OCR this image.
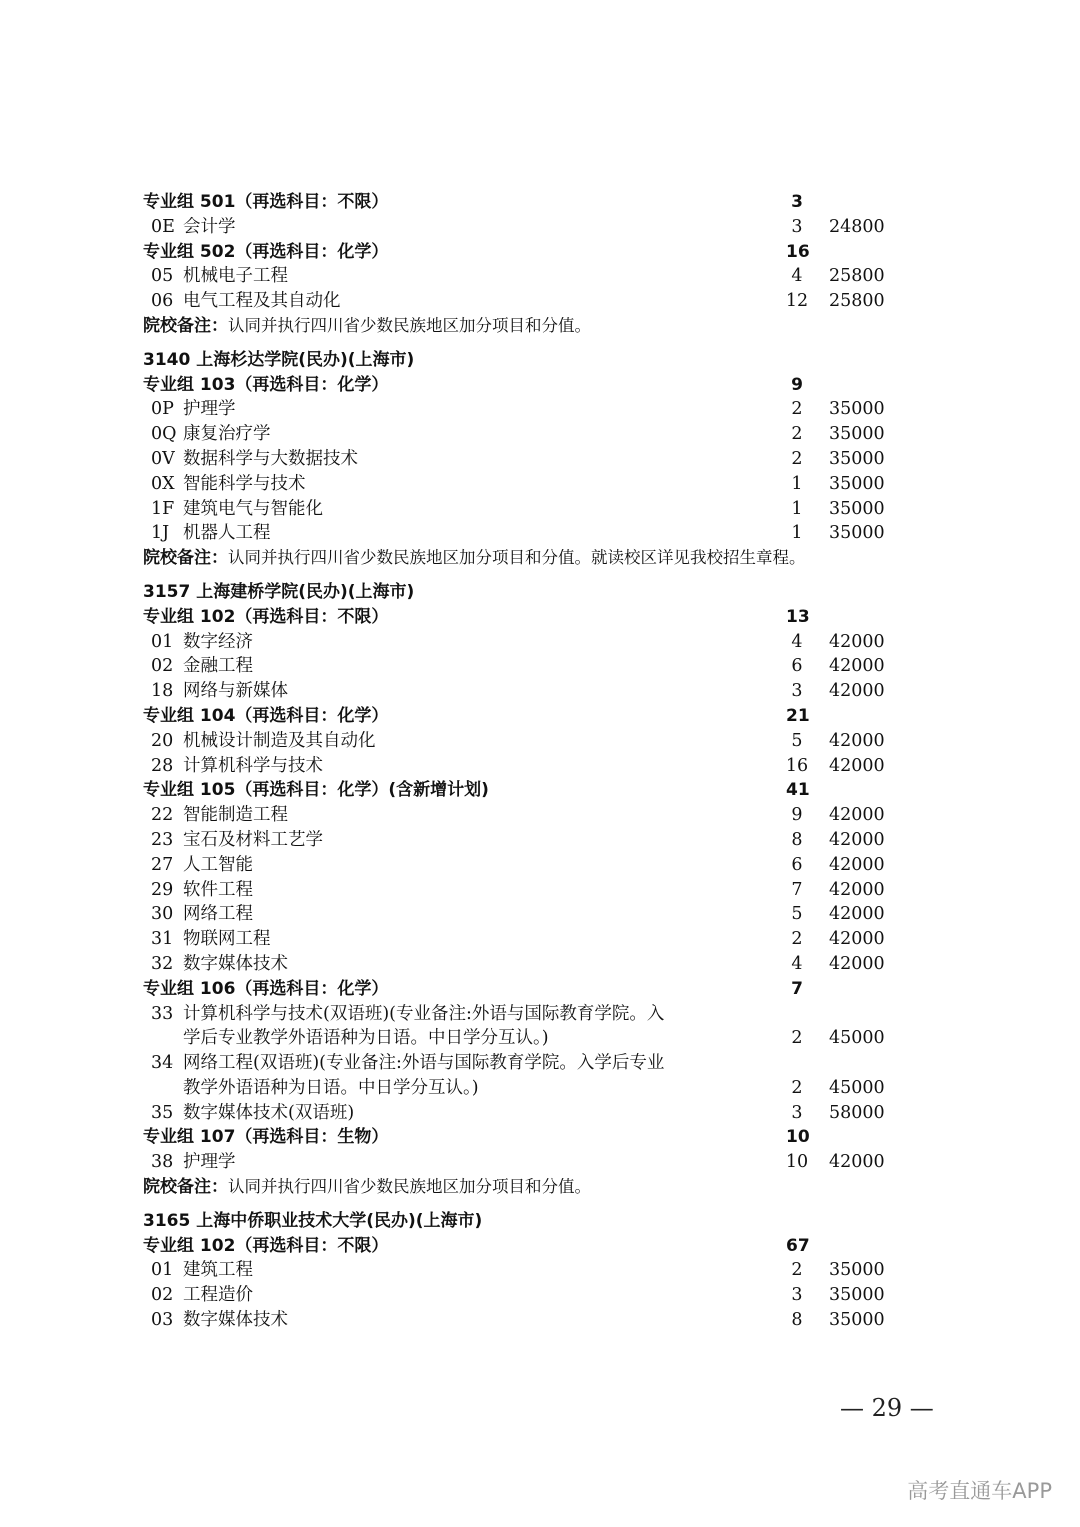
专业组 501（再选科目：不限）	3
0E 会计学	3	24800
专业组 502（再选科目：化学）	16
05 机械电子工程	4	25800
06 电气工程及其自动化	12	25800
院校备注：认同并执行四川省少数民族地区加分项目和分值。
3140 上海杉达学院(民办)(上海市)
专业组 103（再选科目：化学）	9
0P 护理学	2	35000
0Q 康复治疗学	2	35000
0V 数据科学与大数据技术	2	35000
0X 智能科学与技术	1	35000
1F 建筑电气与智能化	1	35000
1J 机器人工程	1	35000
院校备注：认同并执行四川省少数民族地区加分项目和分值。就读校区详见我校招生章程。
3157 上海建桥学院(民办)(上海市)
专业组 102（再选科目：不限）	13
01 数字经济	4	42000
02 金融工程	6	42000
18 网络与新媒体	3	42000
专业组 104（再选科目：化学）	21
20 机械设计制造及其自动化	5	42000
28 计算机科学与技术	16	42000
专业组 105（再选科目：化学）(含新增计划)	41
22 智能制造工程	9	42000
23 宝石及材料工艺学	8	42000
27 人工智能	6	42000
29 软件工程	7	42000
30 网络工程	5	42000
31 物联网工程	2	42000
32 数字媒体技术	4	42000
专业组 106（再选科目：化学）	7
33 计算机科学与技术(双语班)(专业备注:外语与国际教育学院。入
学后专业教学外语语种为日语。中日学分互认。)	2	45000
34 网络工程(双语班)(专业备注:外语与国际教育学院。入学后专业
教学外语语种为日语。中日学分互认。)	2	45000
35 数字媒体技术(双语班)	3	58000
专业组 107（再选科目：生物）	10
38 护理学	10	42000
院校备注：认同并执行四川省少数民族地区加分项目和分值。
3165 上海中侨职业技术大学(民办)(上海市)
专业组 102（再选科目：不限）	67
01 建筑工程	2	35000
02 工程造价	3	35000
03 数字媒体技术	8	35000
— 29 —
高考直通车APP
